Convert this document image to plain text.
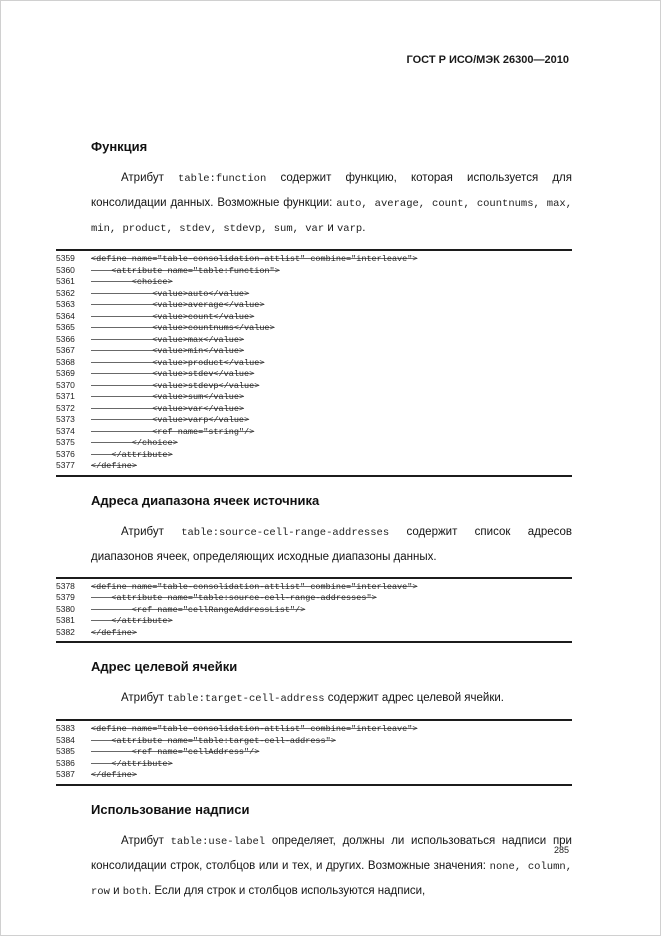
ГОСТ Р ИСО/МЭК 26300—2010
Функция

Атрибут table:function содержит функцию, которая используется для консолидации данных. Возможные функции: auto, average, count, countnums, max, min, product, stdev, stdevp, sum, var и varp.

5359	<define name="table-consolidation-attlist" combine="interleave">
5360	<attribute name="table:function">
5361	<choice>
5362	<value>auto</value>
5363	<value>average</value>
5364	<value>count</value>
5365	<value>countnums</value>
5366	<value>max</value>
5367	<value>min</value>
5368	<value>product</value>
5369	<value>stdev</value>
5370	<value>stdevp</value>
5371	<value>sum</value>
5372	<value>var</value>
5373	<value>varp</value>
5374	<ref name="string"/>
5375	</choice>
5376	</attribute>
5377	</define>
Адреса диапазона ячеек источника

Атрибут table:source-cell-range-addresses содержит список адресов диапазонов ячеек, определяющих исходные диапазоны данных.

5378	<define name="table-consolidation-attlist" combine="interleave">
5379	<attribute name="table:source-cell-range-addresses">
5380	<ref name="cellRangeAddressList"/>
5381	</attribute>
5382	</define>
Адрес целевой ячейки

Атрибут table:target-cell-address содержит адрес целевой ячейки.

5383	<define name="table-consolidation-attlist" combine="interleave">
5384	<attribute name="table:target-cell-address">
5385	<ref name="cellAddress"/>
5386	</attribute>
5387	</define>
Использование надписи

Атрибут table:use-label определяет, должны ли использоваться надписи при консолидации строк, столбцов или и тех, и других. Возможные значения: none, column, row и both. Если для строк и столбцов используются надписи,

285
